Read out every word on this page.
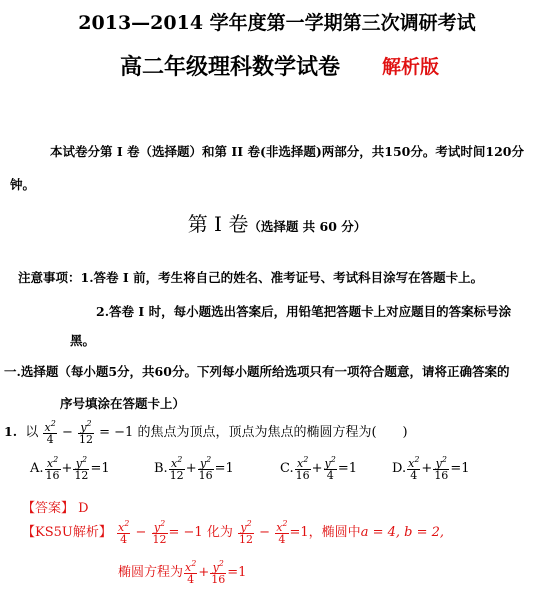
2013—2014 学年度第一学期第三次调研考试
高二年级理科数学试卷 解析版
本试卷分第 I 卷（选择题）和第 II 卷(非选择题)两部分，共150分。考试时间120分
钟。
第 I 卷（选择题 共 60 分）
注意事项：1.答卷 I 前，考生将自己的姓名、准考证号、考试科目涂写在答题卡上。
2.答卷 I 时，每小题选出答案后，用铅笔把答题卡上对应题目的答案标号涂
黑。
一.选择题（每小题5分，共60分。下列每小题所给选项只有一项符合题意，请将正确答案的
序号填涂在答题卡上）
1. 以 $\frac{x^2}{4} - \frac{y^2}{12} = -1$ 的焦点为顶点，顶点为焦点的椭圆方程为(　　)
A. $\frac{x^2}{16} + \frac{y^2}{12} =1$	B. $\frac{x^2}{12} + \frac{y^2}{16} =1$	C. $\frac{x^2}{16} + \frac{y^2}{4} =1$	D. $\frac{x^2}{4} + \frac{y^2}{16} =1$
【答案】 D
【KS5U解析】 $\frac{x^2}{4} - \frac{y^2}{12} = -1$ 化为 $\frac{y^2}{12} - \frac{x^2}{4} =1$，椭圆中a = 4, b = 2,
椭圆方程为 $\frac{x^2}{4} + \frac{y^2}{16} =1$
